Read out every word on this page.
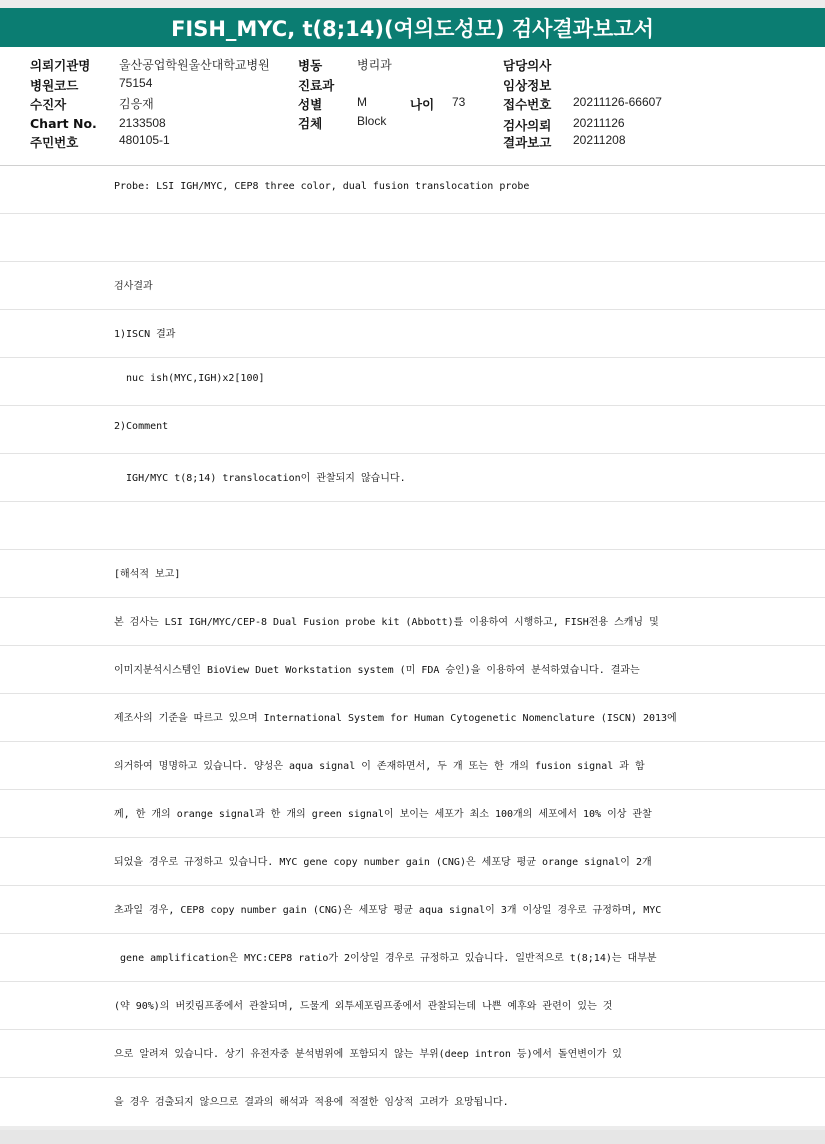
FISH_MYC, t(8;14)(여의도성모) 검사결과보고서
의뢰기관명 울산공업학원울산대학교병원
병원코드	75154
수진자	김응재
Chart No. 2133508
주민번호	480105-1
병동	병리과
진료과
성별	M	나이 73
검체	Block
담당의사
임상정보
접수번호 20211126-66607
검사의뢰 20211126
결과보고 20211208
Probe: LSI IGH/MYC, CEP8 three color, dual fusion translocation probe
검사결과
1)ISCN 결과
nuc ish(MYC,IGH)x2[100]
2)Comment
IGH/MYC t(8;14) translocation이 관찰되지 않습니다.
[해석적 보고]
본 검사는 LSI IGH/MYC/CEP-8 Dual Fusion probe kit (Abbott)를 이용하여 시행하고, FISH전용 스캐닝 및
이미지분석시스템인 BioView Duet Workstation system (미 FDA 승인)을 이용하여 분석하였습니다. 결과는
제조사의 기준을 따르고 있으며 International System for Human Cytogenetic Nomenclature (ISCN) 2013에
의거하여 명명하고 있습니다. 양성은 aqua signal 이 존재하면서, 두 개 또는 한 개의 fusion signal 과 함
께, 한 개의 orange signal과 한 개의 green signal이 보이는 세포가 최소 100개의 세포에서 10% 이상 관찰
되었을 경우로 규정하고 있습니다. MYC gene copy number gain (CNG)은 세포당 평균 orange signal이 2개
초과일 경우, CEP8 copy number gain (CNG)은 세포당 평균 aqua signal이 3개 이상일 경우로 규정하며, MYC
gene amplification은 MYC:CEP8 ratio가 2이상일 경우로 규정하고 있습니다. 일반적으로 t(8;14)는 대부분
(약 90%)의 버킷림프종에서 관찰되며, 드물게 외투세포림프종에서 관찰되는데 나쁜 예후와 관련이 있는 것
으로 알려져 있습니다. 상기 유전자중 분석범위에 포함되지 않는 부위(deep intron 등)에서 돌연변이가 있
을 경우 검출되지 않으므로 결과의 해석과 적용에 적절한 임상적 고려가 요망됩니다.
